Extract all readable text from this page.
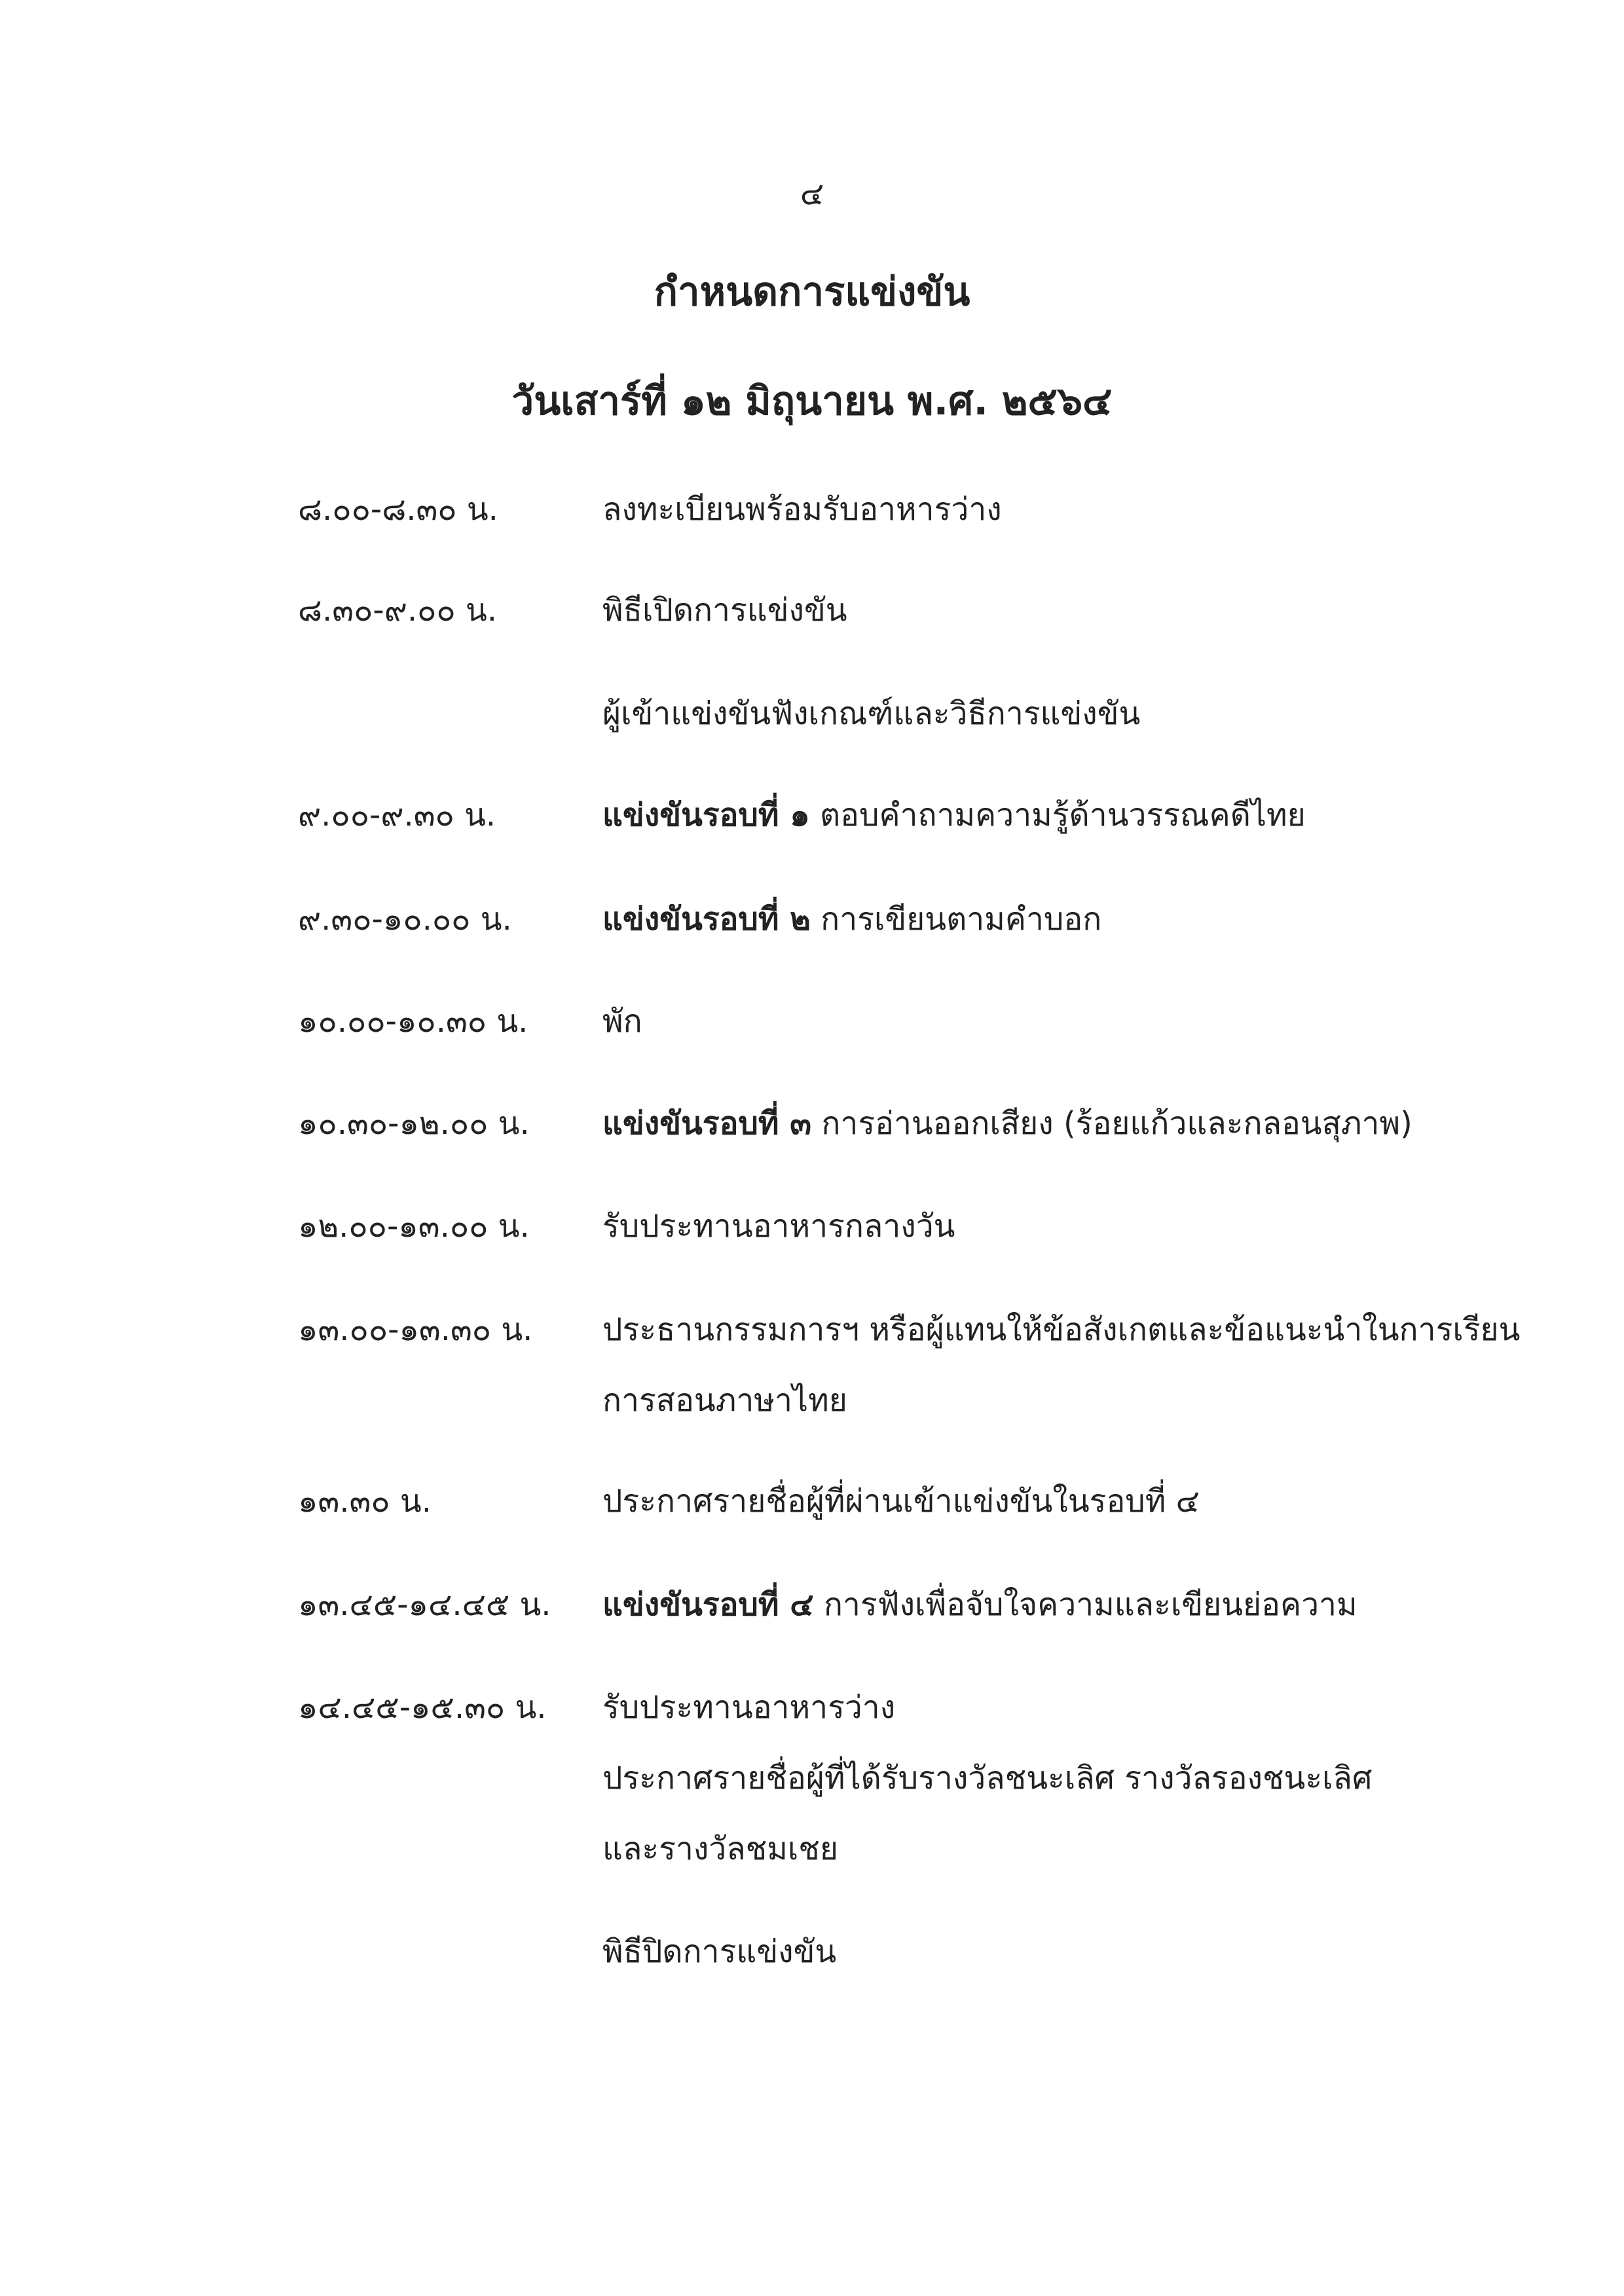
๔
กำหนดการแข่งขัน
วันเสาร์ที่ ๑๒ มิถุนายน พ.ศ. ๒๕๖๔
๘.๐๐-๘.๓๐ น.	ลงทะเบียนพร้อมรับอาหารว่าง
๘.๓๐-๙.๐๐ น.	พิธีเปิดการแข่งขัน
ผู้เข้าแข่งขันฟังเกณฑ์และวิธีการแข่งขัน
๙.๐๐-๙.๓๐ น.	แข่งขันรอบที่ ๑ ตอบคำถามความรู้ด้านวรรณคดีไทย
๙.๓๐-๑๐.๐๐ น.	แข่งขันรอบที่ ๒ การเขียนตามคำบอก
๑๐.๐๐-๑๐.๓๐ น. พัก
๑๐.๓๐-๑๒.๐๐ น. แข่งขันรอบที่ ๓ การอ่านออกเสียง (ร้อยแก้วและกลอนสุภาพ)
๑๒.๐๐-๑๓.๐๐ น. รับประทานอาหารกลางวัน
๑๓.๐๐-๑๓.๓๐ น. ประธานกรรมการฯ หรือผู้แทนให้ข้อสังเกตและข้อแนะนำในการเรียน
การสอนภาษาไทย
๑๓.๓๐ น.	ประกาศรายชื่อผู้ที่ผ่านเข้าแข่งขันในรอบที่ ๔
๑๓.๔๕-๑๔.๔๕ น. แข่งขันรอบที่ ๔ การฟังเพื่อจับใจความและเขียนย่อความ
๑๔.๔๕-๑๕.๓๐ น. รับประทานอาหารว่าง
ประกาศรายชื่อผู้ที่ได้รับรางวัลชนะเลิศ รางวัลรองชนะเลิศ
และรางวัลชมเชย
พิธีปิดการแข่งขัน
